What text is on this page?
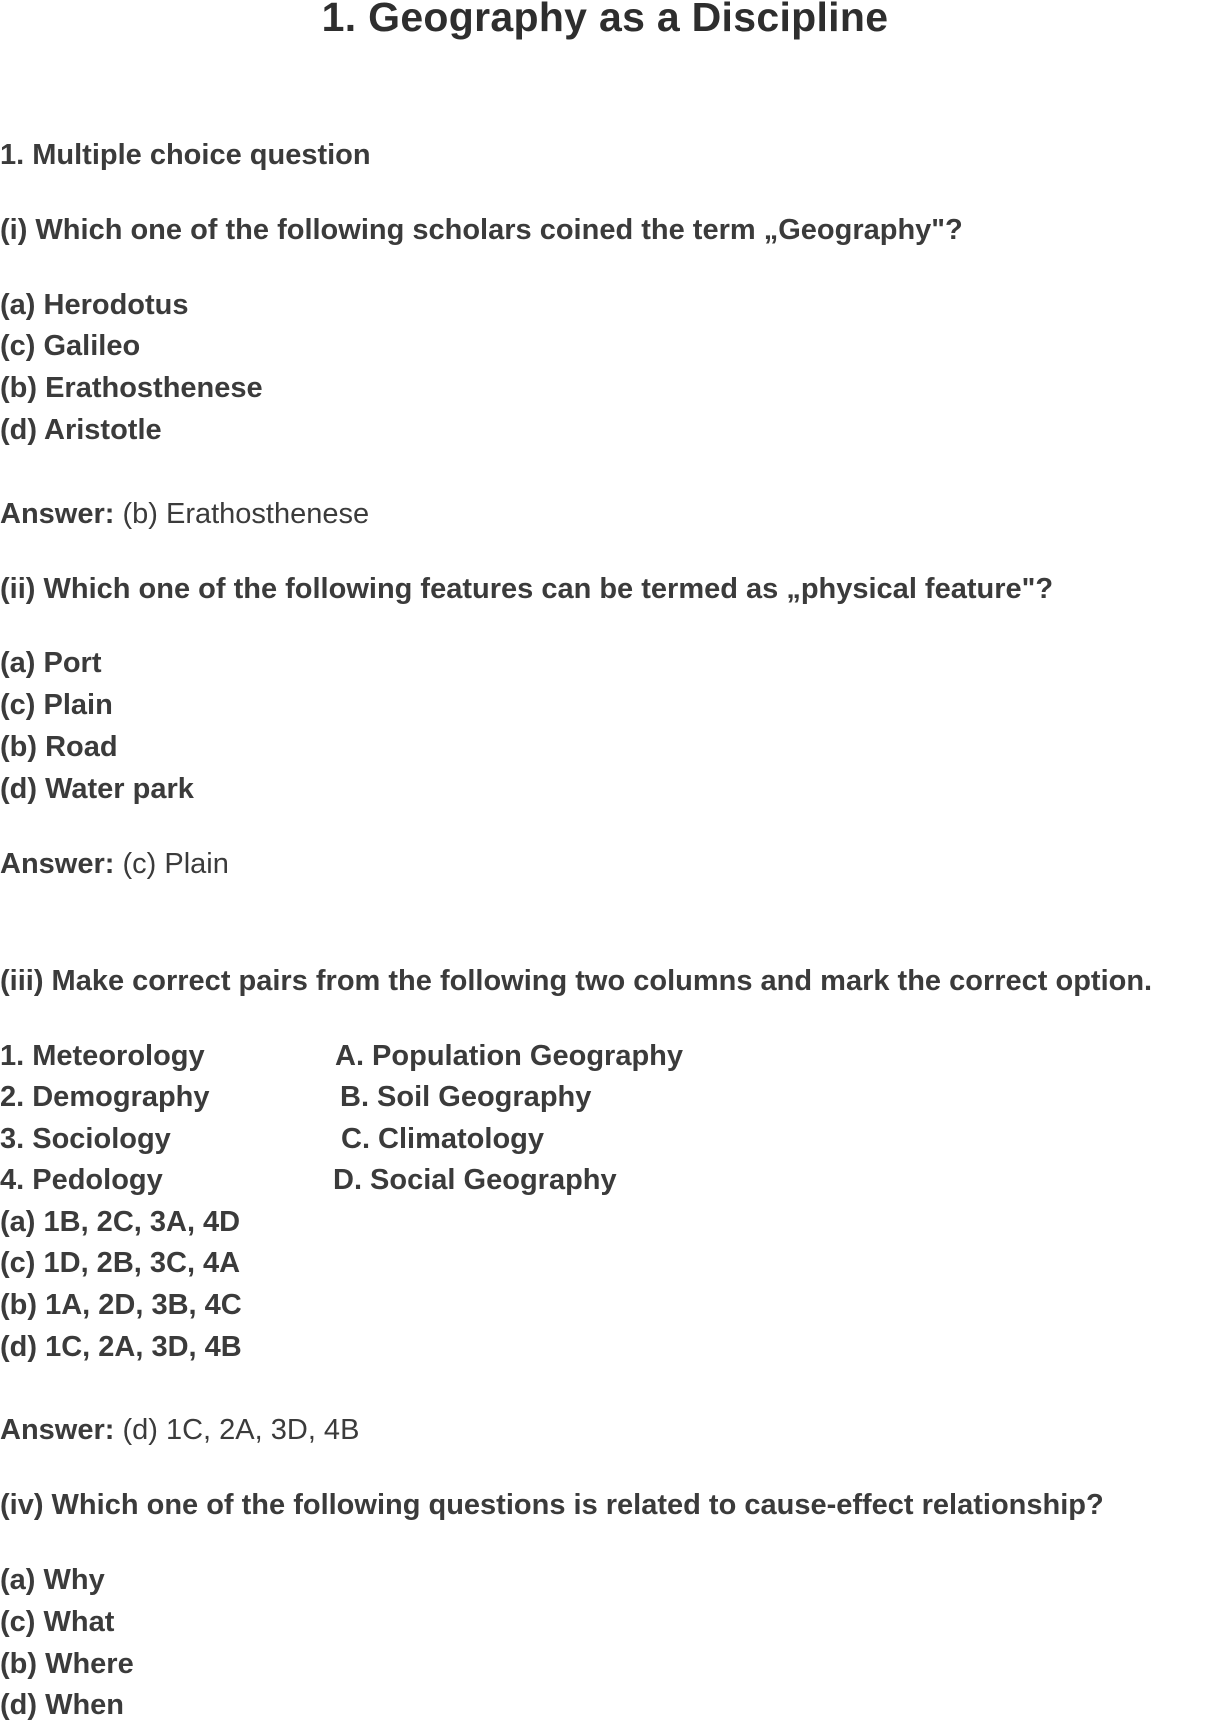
1. Geography as a Discipline
1. Multiple choice question
(i) Which one of the following scholars coined the term „Geography"?
(a) Herodotus
(c) Galileo
(b) Erathosthenese
(d) Aristotle
Answer: (b) Erathosthenese
(ii) Which one of the following features can be termed as „physical feature"?
(a) Port
(c) Plain
(b) Road
(d) Water park
Answer: (c) Plain
(iii) Make correct pairs from the following two columns and mark the correct option.
1. Meteorology
2. Demography
3. Sociology
4. Pedology
A. Population Geography
B. Soil Geography
C. Climatology
D. Social Geography
(a) 1B, 2C, 3A, 4D
(c) 1D, 2B, 3C, 4A
(b) 1A, 2D, 3B, 4C
(d) 1C, 2A, 3D, 4B
Answer: (d) 1C, 2A, 3D, 4B
(iv) Which one of the following questions is related to cause-effect relationship?
(a) Why
(c) What
(b) Where
(d) When
